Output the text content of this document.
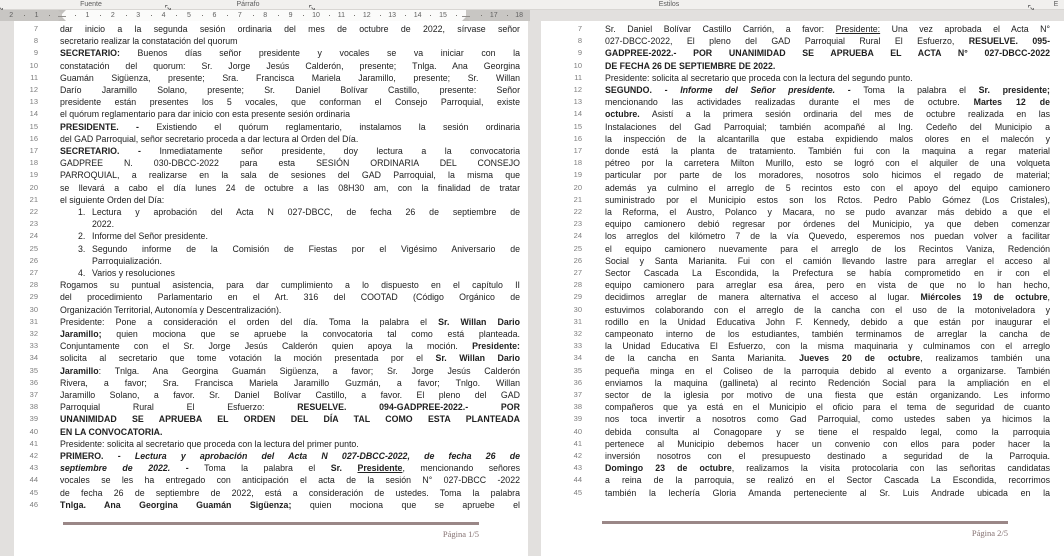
Fuente	Párrafo	Estilos	E
2	1	1	2	3	4	5	6	7	8	9	10	11	12	13	14	15	17	18
7	dar inicio a la segunda sesión ordinaria del mes de octubre de 2022, sírvase señor
8	secretario realizar la constatación del quorum
9	SECRETARIO: Buenos días señor presidente y vocales se va iniciar con la
10	constatación del quorum: Sr. Jorge Jesús Calderón, presente; Tnlga. Ana Georgina
11	Guamán Sigüenza, presente; Sra. Francisca Mariela Jaramillo, presente; Sr. Willan
12	Darío Jaramillo Solano, presente; Sr. Daniel Bolívar Castillo, presente: Señor
13	presidente están presentes los 5 vocales, que conforman el Consejo Parroquial, existe
14	el quórum reglamentario para dar inicio con esta presente sesión ordinaria
15	PRESIDENTE. - Existiendo el quórum reglamentario, instalamos la sesión ordinaria
16	del GAD Parroquial, señor secretario proceda a dar lectura al Orden del Día.
17	SECRETARIO. - Inmediatamente señor presidente, doy lectura a la convocatoria
18	GADPREE N. 030-DBCC-2022 para esta SESIÓN ORDINARIA DEL CONSEJO
19	PARROQUIAL, a realizarse en la sala de sesiones del GAD Parroquial, la misma que
20	se llevará a cabo el día lunes 24 de octubre a las 08H30 am, con la finalidad de tratar
21	el siguiente Orden del Día:
22	1. Lectura y aprobación del Acta N 027-DBCC, de fecha 26 de septiembre de
23	2022.
24	2. Informe del Señor presidente.
25	3. Segundo informe de la Comisión de Fiestas por el Vigésimo Aniversario de
26	Parroquialización.
27	4. Varios y resoluciones
28	Rogamos su puntual asistencia, para dar cumplimiento a lo dispuesto en el capítulo II
29	del procedimiento Parlamentario en el Art. 316 del COOTAD (Código Orgánico de
30	Organización Territorial, Autonomía y Descentralización).
31	Presidente: Pone a consideración el orden del día. Toma la palabra el Sr. Willan Dario
32	Jaramillo; quien mociona que se apruebe la convocatoria tal como está planteada.
33	Conjuntamente con el Sr. Jorge Jesús Calderón quien apoya la moción. Presidente:
34	solicita al secretario que tome votación la moción presentada por el Sr. Willan Dario
35	Jaramillo: Tnlga. Ana Georgina Guamán Sigüenza, a favor; Sr. Jorge Jesús Calderón
36	Rivera, a favor; Sra. Francisca Mariela Jaramillo Guzmán, a favor; Tnlgo. Willan
37	Jaramillo Solano, a favor. Sr. Daniel Bolívar Castillo, a favor. El pleno del GAD
38	Parroquial Rural El Esfuerzo: RESUELVE. 094-GADPREE-2022.- POR
39	UNANIMIDAD SE APRUEBA EL ORDEN DEL DÍA TAL COMO ESTA PLANTEADA
40	EN LA CONVOCATORIA.
41	Presidente: solicita al secretario que proceda con la lectura del primer punto.
42	PRIMERO. - Lectura y aprobación del Acta N 027-DBCC-2022, de fecha 26 de
43	septiembre de 2022. - Toma la palabra el Sr. Presidente, mencionando señores
44	vocales se les ha entregado con anticipación el acta de la sesión N° 027-DBCC -2022
45	de fecha 26 de septiembre de 2022, está a consideración de ustedes. Toma la palabra
46	Tnlga. Ana Georgina Guamán Sigüenza; quien mociona que se apruebe el
Página 1/5
7	Sr. Daniel Bolívar Castillo Carrión, a favor: Presidente: Una vez aprobada el Acta N°
8	027-DBCC-2022, El pleno del GAD Parroquial Rural El Esfuerzo, RESUELVE. 095-
9	GADPREE-2022.- POR UNANIMIDAD SE APRUEBA EL ACTA N° 027-DBCC-2022
10	DE FECHA 26 DE SEPTIEMBRE DE 2022.
11	Presidente: solicita al secretario que proceda con la lectura del segundo punto.
12	SEGUNDO. - Informe del Señor presidente. - Toma la palabra el Sr. presidente;
13	mencionando las actividades realizadas durante el mes de octubre. Martes 12 de
14	octubre. Asistí a la primera sesión ordinaria del mes de octubre realizada en las
15	Instalaciones del Gad Parroquial; también acompañé al Ing. Cedeño del Municipio a
16	la inspección de la alcantarilla que estaba expidiendo malos olores en el malecón y
17	donde está la planta de tratamiento. También fui con la maquina a regar material
18	pétreo por la carretera Milton Murillo, esto se logró con el alquiler de una volqueta
19	particular por parte de los moradores, nosotros solo hicimos el regado de material;
20	además ya culmino el arreglo de 5 recintos esto con el apoyo del equipo camionero
21	suministrado por el Municipio estos son los Rctos. Pedro Pablo Gómez (Los Cristales),
22	la Reforma, el Austro, Polanco y Macara, no se pudo avanzar más debido a que el
23	equipo camionero debió regresar por órdenes del Municipio, ya que deben comenzar
24	los arreglos del kilómetro 7 de la vía Quevedo, esperemos nos puedan volver a facilitar
25	el equipo camionero nuevamente para el arreglo de los Recintos Vaniza, Redención
26	Social y Santa Marianita. Fui con el camión llevando lastre para arreglar el acceso al
27	Sector Cascada La Escondida, la Prefectura se había comprometido en ir con el
28	equipo camionero para arreglar esa área, pero en vista de que no lo han hecho,
29	decidimos arreglar de manera alternativa el acceso al lugar. Miércoles 19 de octubre,
30	estuvimos colaborando con el arreglo de la cancha con el uso de la motoniveladora y
31	rodillo en la Unidad Educativa John F. Kennedy, debido a que están por inaugurar el
32	campeonato interno de los estudiantes, también terminamos de arreglar la cancha de
33	la Unidad Educativa El Esfuerzo, con la misma maquinaria y culminamos con el arreglo
34	de la cancha en Santa Marianita. Jueves 20 de octubre, realizamos también una
35	pequeña minga en el Coliseo de la parroquia debido al evento a organizarse. También
36	enviamos la maquina (gallineta) al recinto Redención Social para la ampliación en el
37	sector de la iglesia por motivo de una fiesta que están organizando. Les informo
38	compañeros que ya está en el Municipio el oficio para el tema de seguridad de cuanto
39	nos toca invertir a nosotros como Gad Parroquial, como ustedes saben ya hicimos la
40	debida consulta al Conagopare y se tiene el respaldo legal, como la parroquia
41	pertenece al Municipio debemos hacer un convenio con ellos para poder hacer la
42	inversión nosotros con el presupuesto destinado a seguridad de la Parroquia.
43	Domingo 23 de octubre, realizamos la visita protocolaria con las señoritas candidatas
44	a reina de la parroquia, se realizó en el Sector Cascada La Escondida, recorrimos
45	también la lechería Gloria Amanda perteneciente al Sr. Luis Andrade ubicada en la
Página 2/5
